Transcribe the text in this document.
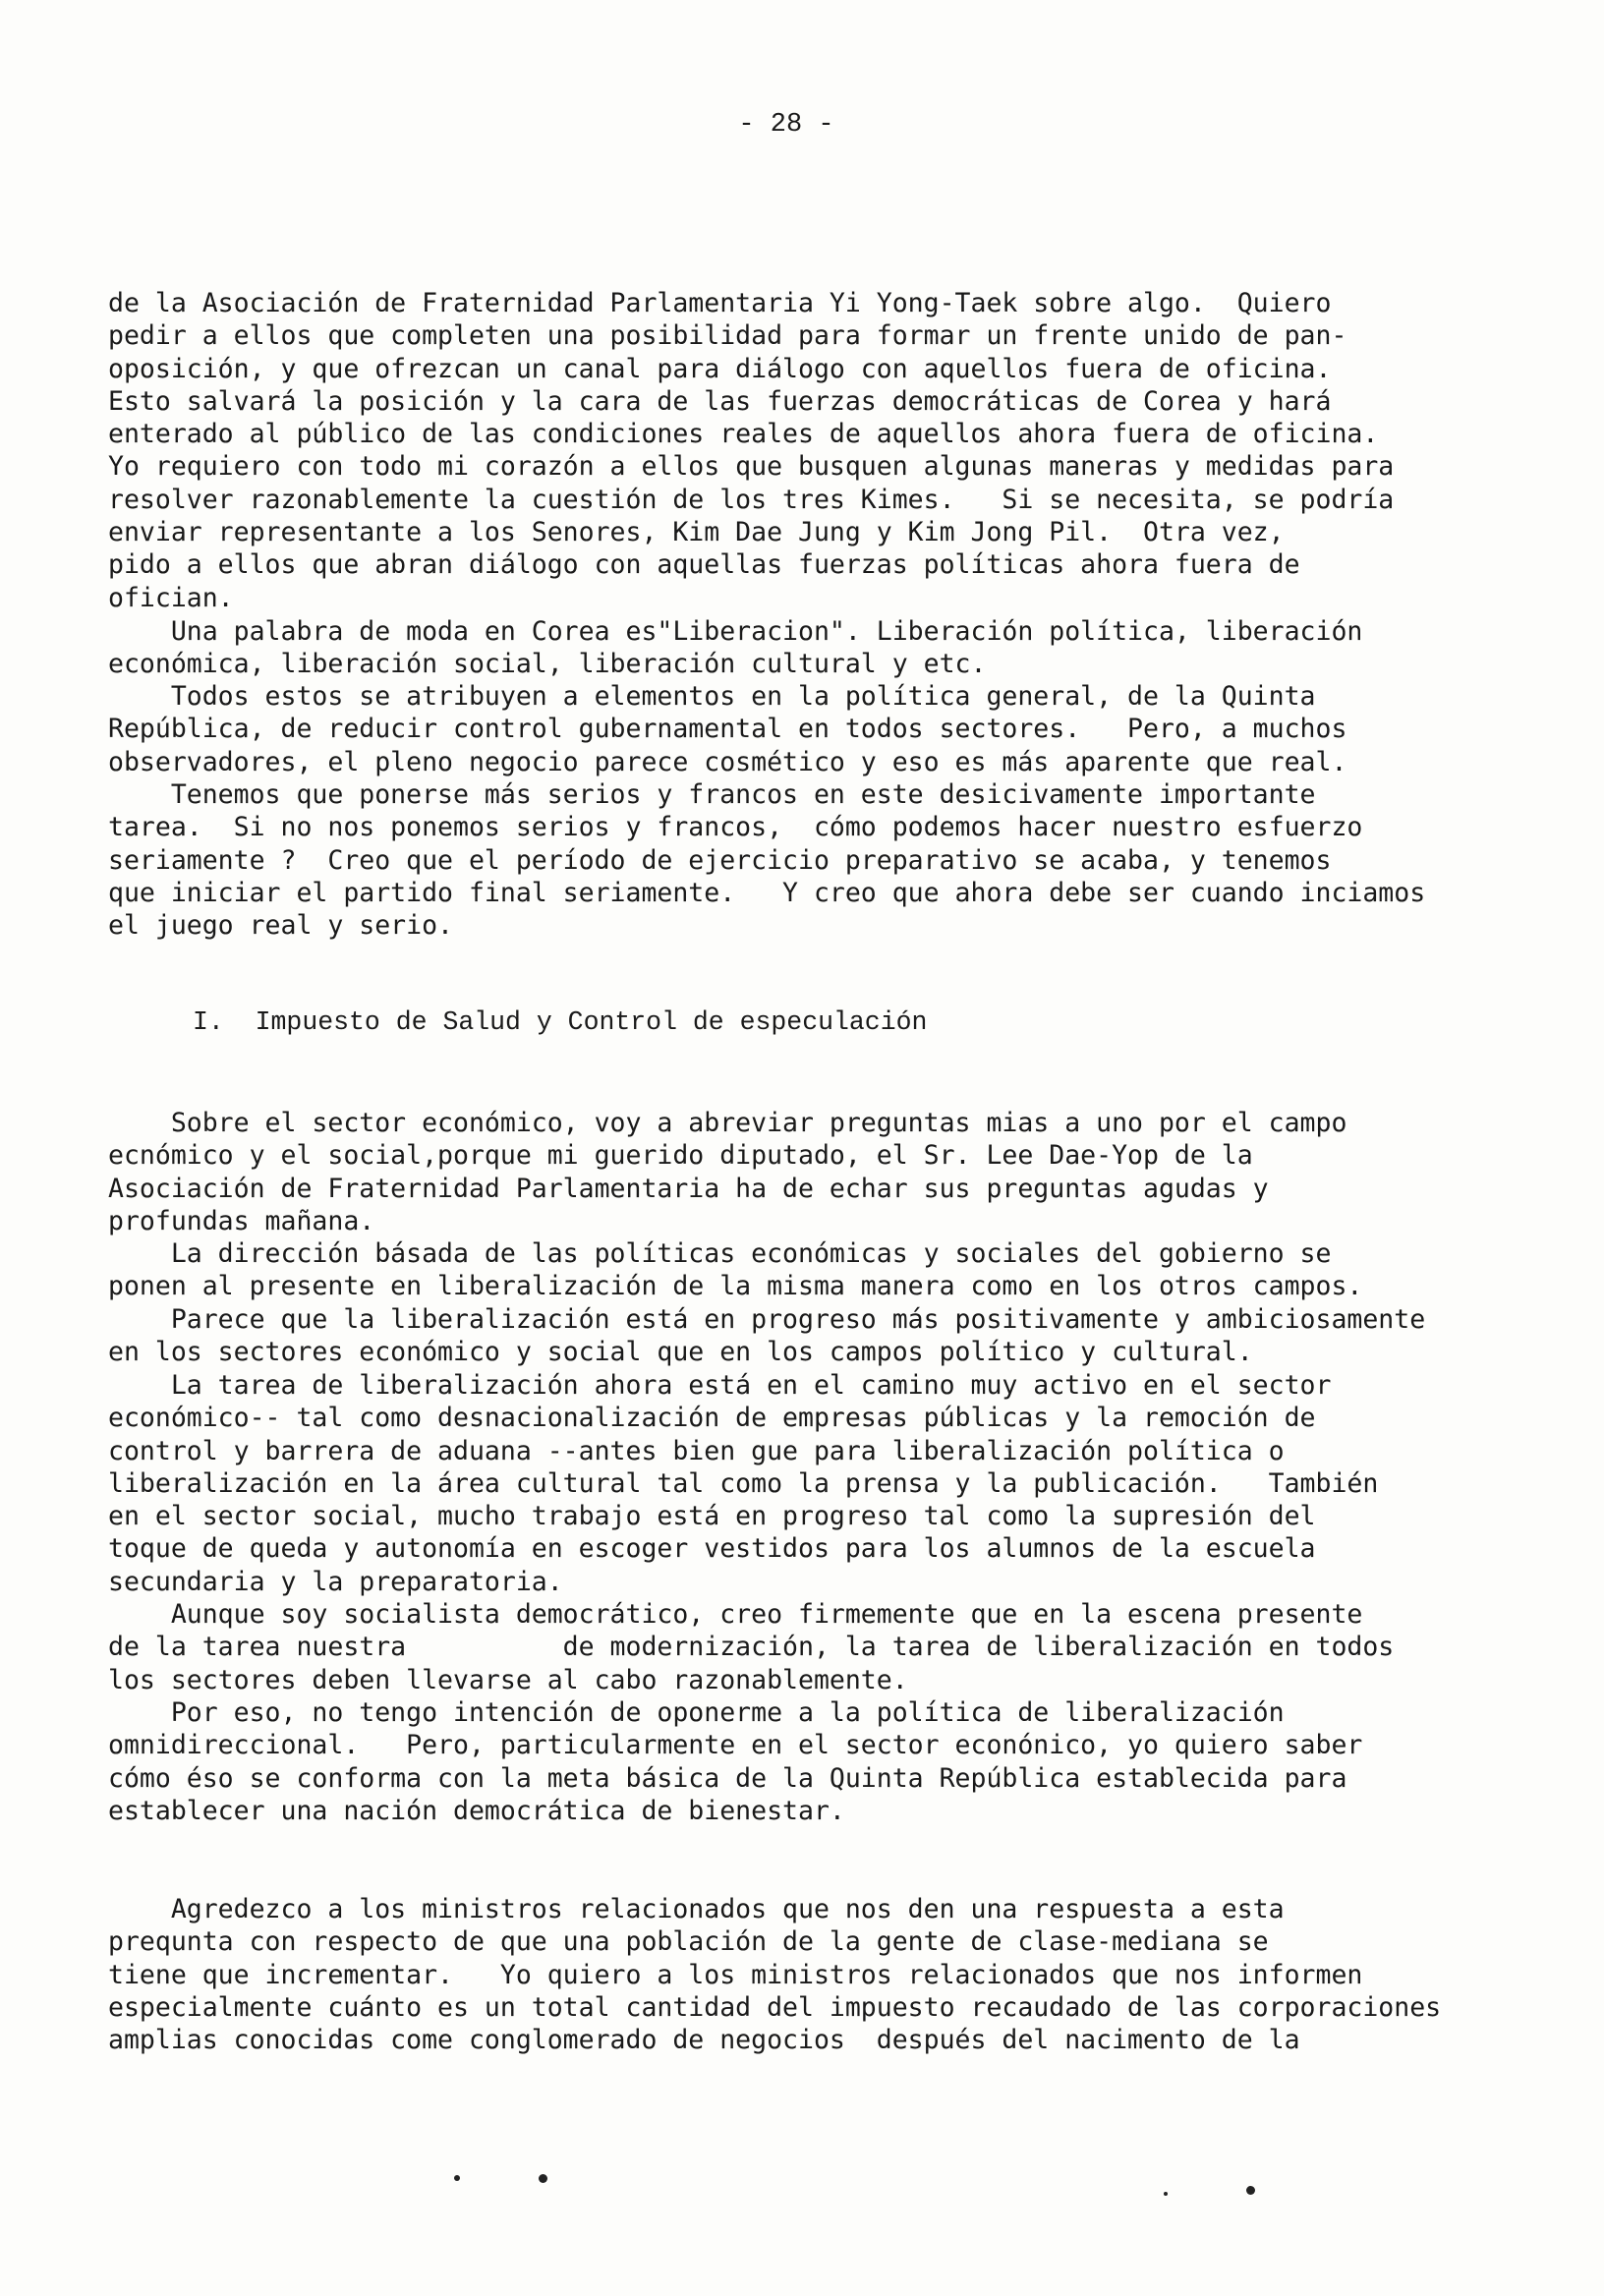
- 28 -
de la Asociación de Fraternidad Parlamentaria Yi Yong-Taek sobre algo.  Quiero
pedir a ellos que completen una posibilidad para formar un frente unido de pan-
oposición, y que ofrezcan un canal para diálogo con aquellos fuera de oficina.
Esto salvará la posición y la cara de las fuerzas democráticas de Corea y hará
enterado al público de las condiciones reales de aquellos ahora fuera de oficina.
Yo requiero con todo mi corazón a ellos que busquen algunas maneras y medidas para
resolver razonablemente la cuestión de los tres Kimes.   Si se necesita, se podría
enviar representante a los Senores, Kim Dae Jung y Kim Jong Pil.  Otra vez,
pido a ellos que abran diálogo con aquellas fuerzas políticas ahora fuera de
ofician.
Una palabra de moda en Corea es"Liberacion". Liberación política, liberación
económica, liberación social, liberación cultural y etc.
Todos estos se atribuyen a elementos en la política general, de la Quinta
República, de reducir control gubernamental en todos sectores.   Pero, a muchos
observadores, el pleno negocio parece cosmético y eso es más aparente que real.
Tenemos que ponerse más serios y francos en este desicivamente importante
tarea.  Si no nos ponemos serios y francos,  cómo podemos hacer nuestro esfuerzo
seriamente ?  Creo que el período de ejercicio preparativo se acaba, y tenemos
que iniciar el partido final seriamente.   Y creo que ahora debe ser cuando inciamos
el juego real y serio.
I.  Impuesto de Salud y Control de especulación
Sobre el sector económico, voy a abreviar preguntas mias a uno por el campo
ecnómico y el social,porque mi guerido diputado, el Sr. Lee Dae-Yop de la
Asociación de Fraternidad Parlamentaria ha de echar sus preguntas agudas y
profundas mañana.
La dirección básada de las políticas económicas y sociales del gobierno se
ponen al presente en liberalización de la misma manera como en los otros campos.
Parece que la liberalización está en progreso más positivamente y ambiciosamente
en los sectores económico y social que en los campos político y cultural.
La tarea de liberalización ahora está en el camino muy activo en el sector
económico-- tal como desnacionalización de empresas públicas y la remoción de
control y barrera de aduana --antes bien gue para liberalización política o
liberalización en la área cultural tal como la prensa y la publicación.   También
en el sector social, mucho trabajo está en progreso tal como la supresión del
toque de queda y autonomía en escoger vestidos para los alumnos de la escuela
secundaria y la preparatoria.
Aunque soy socialista democrático, creo firmemente que en la escena presente
de la tarea nuestra          de modernización, la tarea de liberalización en todos
los sectores deben llevarse al cabo razonablemente.
Por eso, no tengo intención de oponerme a la política de liberalización
omnidireccional.   Pero, particularmente en el sector econónico, yo quiero saber
cómo éso se conforma con la meta básica de la Quinta República establecida para
establecer una nación democrática de bienestar.
Agredezco a los ministros relacionados que nos den una respuesta a esta
prequnta con respecto de que una población de la gente de clase-mediana se
tiene que incrementar.   Yo quiero a los ministros relacionados que nos informen
especialmente cuánto es un total cantidad del impuesto recaudado de las corporaciones
amplias conocidas come conglomerado de negocios  después del nacimento de la
